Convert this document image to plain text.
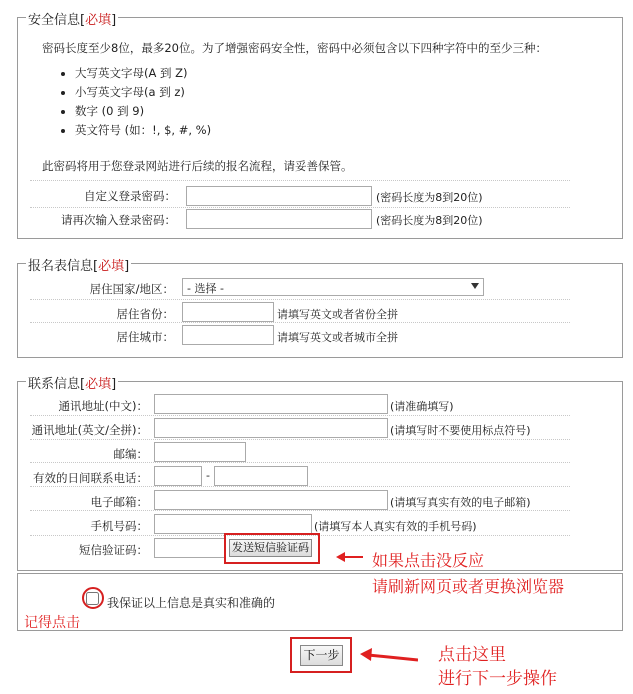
安全信息[必填]
密码长度至少8位，最多20位。为了增强密码安全性，密码中必须包含以下四种字符中的至少三种：
• 大写英文字母(A 到 Z)
• 小写英文字母(a 到 z)
• 数字 (0 到 9)
• 英文符号 (如：!, $, #, %)
此密码将用于您登录网站进行后续的报名流程，请妥善保管。
自定义登录密码：	(密码长度为8到20位)
请再次输入登录密码：	(密码长度为8到20位)
报名表信息[必填]
居住国家/地区：	- 选择 -
居住省份：	请填写英文或者省份全拼
居住城市：	请填写英文或者城市全拼
联系信息[必填]
通讯地址(中文)：	(请准确填写)
通讯地址(英文/全拼)：	(请填写时不要使用标点符号)
邮编：
有效的日间联系电话：	-
电子邮箱：	(请填写真实有效的电子邮箱)
手机号码：	(请填写本人真实有效的手机号码)
短信验证码：	发送短信验证码
如果点击没反应
请刷新网页或者更换浏览器
我保证以上信息是真实和准确的
记得点击
下一步	点击这里
进行下一步操作
